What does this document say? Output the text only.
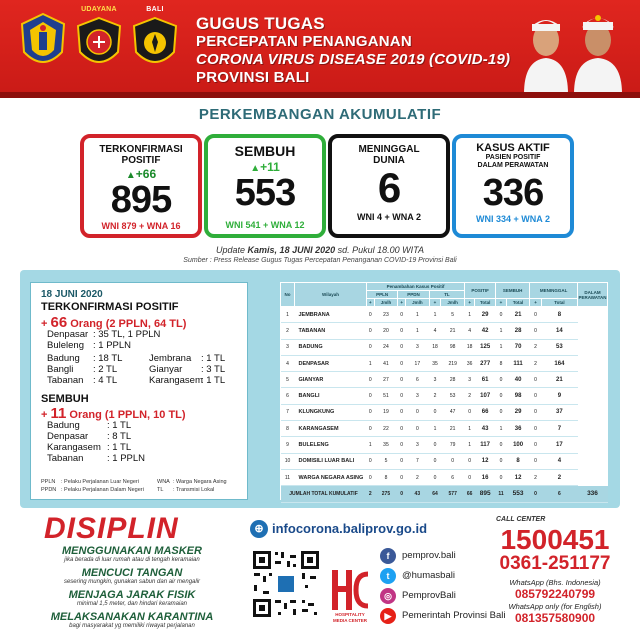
UDAYANA	BALI
GUGUS TUGAS
PERCEPATAN PENANGANAN
CORONA VIRUS DISEASE 2019 (COVID-19)
PROVINSI BALI
PERKEMBANGAN AKUMULATIF
TERKONFIRMASI
POSITIF
▲+66
895
WNI 879 + WNA 16
SEMBUH
▲+11
553
WNI 541 + WNA 12
MENINGGAL
DUNIA
6
WNI 4 + WNA 2
KASUS AKTIF
PASIEN POSITIF
DALAM PERAWATAN
336
WNI 334 + WNA 2
Update Kamis, 18 JUNI 2020 sd. Pukul 18.00 WITA
Sumber : Press Release Gugus Tugas Percepatan Penanganan COVID-19 Provinsi Bali
18 JUNI 2020
TERKONFIRMASI POSITIF
+ 66 Orang (2 PPLN, 64 TL)
Denpasar : 35 TL, 1 PPLN
Buleleng : 1 PPLN
Badung : 18 TL	Jembrana : 1 TL
Bangli : 2 TL	Gianyar : 3 TL
Tabanan : 4 TL	Karangasem
: 1 TL
SEMBUH
+ 11 Orang (1 PPLN, 10 TL)
Badung	: 1 TL
Denpasar : 8 TL
Karangasem : 1 TL
Tabanan : 1 PPLN
PPLN : Pelaku Perjalanan Luar Negeri	WNA : Warga Negara Asing
PPDN : Pelaku Perjalanan Dalam Negeri TL : Transmisi Lokal
No	Wilayah	Penambahan Kasus Positif						POSITIF		SEMBUH		MENINGGAL		DALAM PERAWATAN
		PPLN		PPDN		TL								
		+	Jmlh	+	Jmlh	+	Jmlh	+	Total	+	Total	+	Total	
1	JEMBRANA	0	23	0	1	1	5	1	29	0	21	0	8	
2	TABANAN	0	20	0	1	4	21	4	42	1	28	0	14	
3	BADUNG	0	24	0	3	18	98	18	125	1	70	2	53	
4	DENPASAR	1	41	0	17	35	219	36	277	8	111	2	164	
5	GIANYAR	0	27	0	6	3	28	3	61	0	40	0	21	
6	BANGLI	0	51	0	3	2	53	2	107	0	98	0	9	
7	KLUNGKUNG	0	19	0	0	0	47	0	66	0	29	0	37	
8	KARANGASEM	0	22	0	0	1	21	1	43	1	36	0	7	
9	BULELENG	1	35	0	3	0	79	1	117	0	100	0	17	
10	DOMISILI LUAR BALI	0	5	0	7	0	0	0	12	0	8	0	4	
11	WARGA NEGARA ASING	0	8	0	2	0	6	0	16	0	12	2	2	
JUMLAH TOTAL KUMULATIF		2	275	0	43	64	577	66	895	11	553	0	6	336
DISIPLIN
MENGGUNAKAN MASKER
jika berada di luar rumah atau di tengah keramaian
MENCUCI TANGAN
sesering mungkin, gunakan sabun dan air mengalir
MENJAGA JARAK FISIK
minimal 1,5 meter, dan hindari keramaian
MELAKSANAKAN KARANTINA
bagi masyarakat yg memiliki riwayat perjalanan
⊕ infocorona.baliprov.go.id
HOSPITALITY
MEDIA CENTER
f	pemprov.bali
t	@humasbali
◎	PemprovBali
▶	Pemerintah Provinsi Bali
CALL CENTER
1500451
0361-251177
WhatsApp (Bhs. Indonesia)
085792240799
WhatsApp only (for English)
081357580900
